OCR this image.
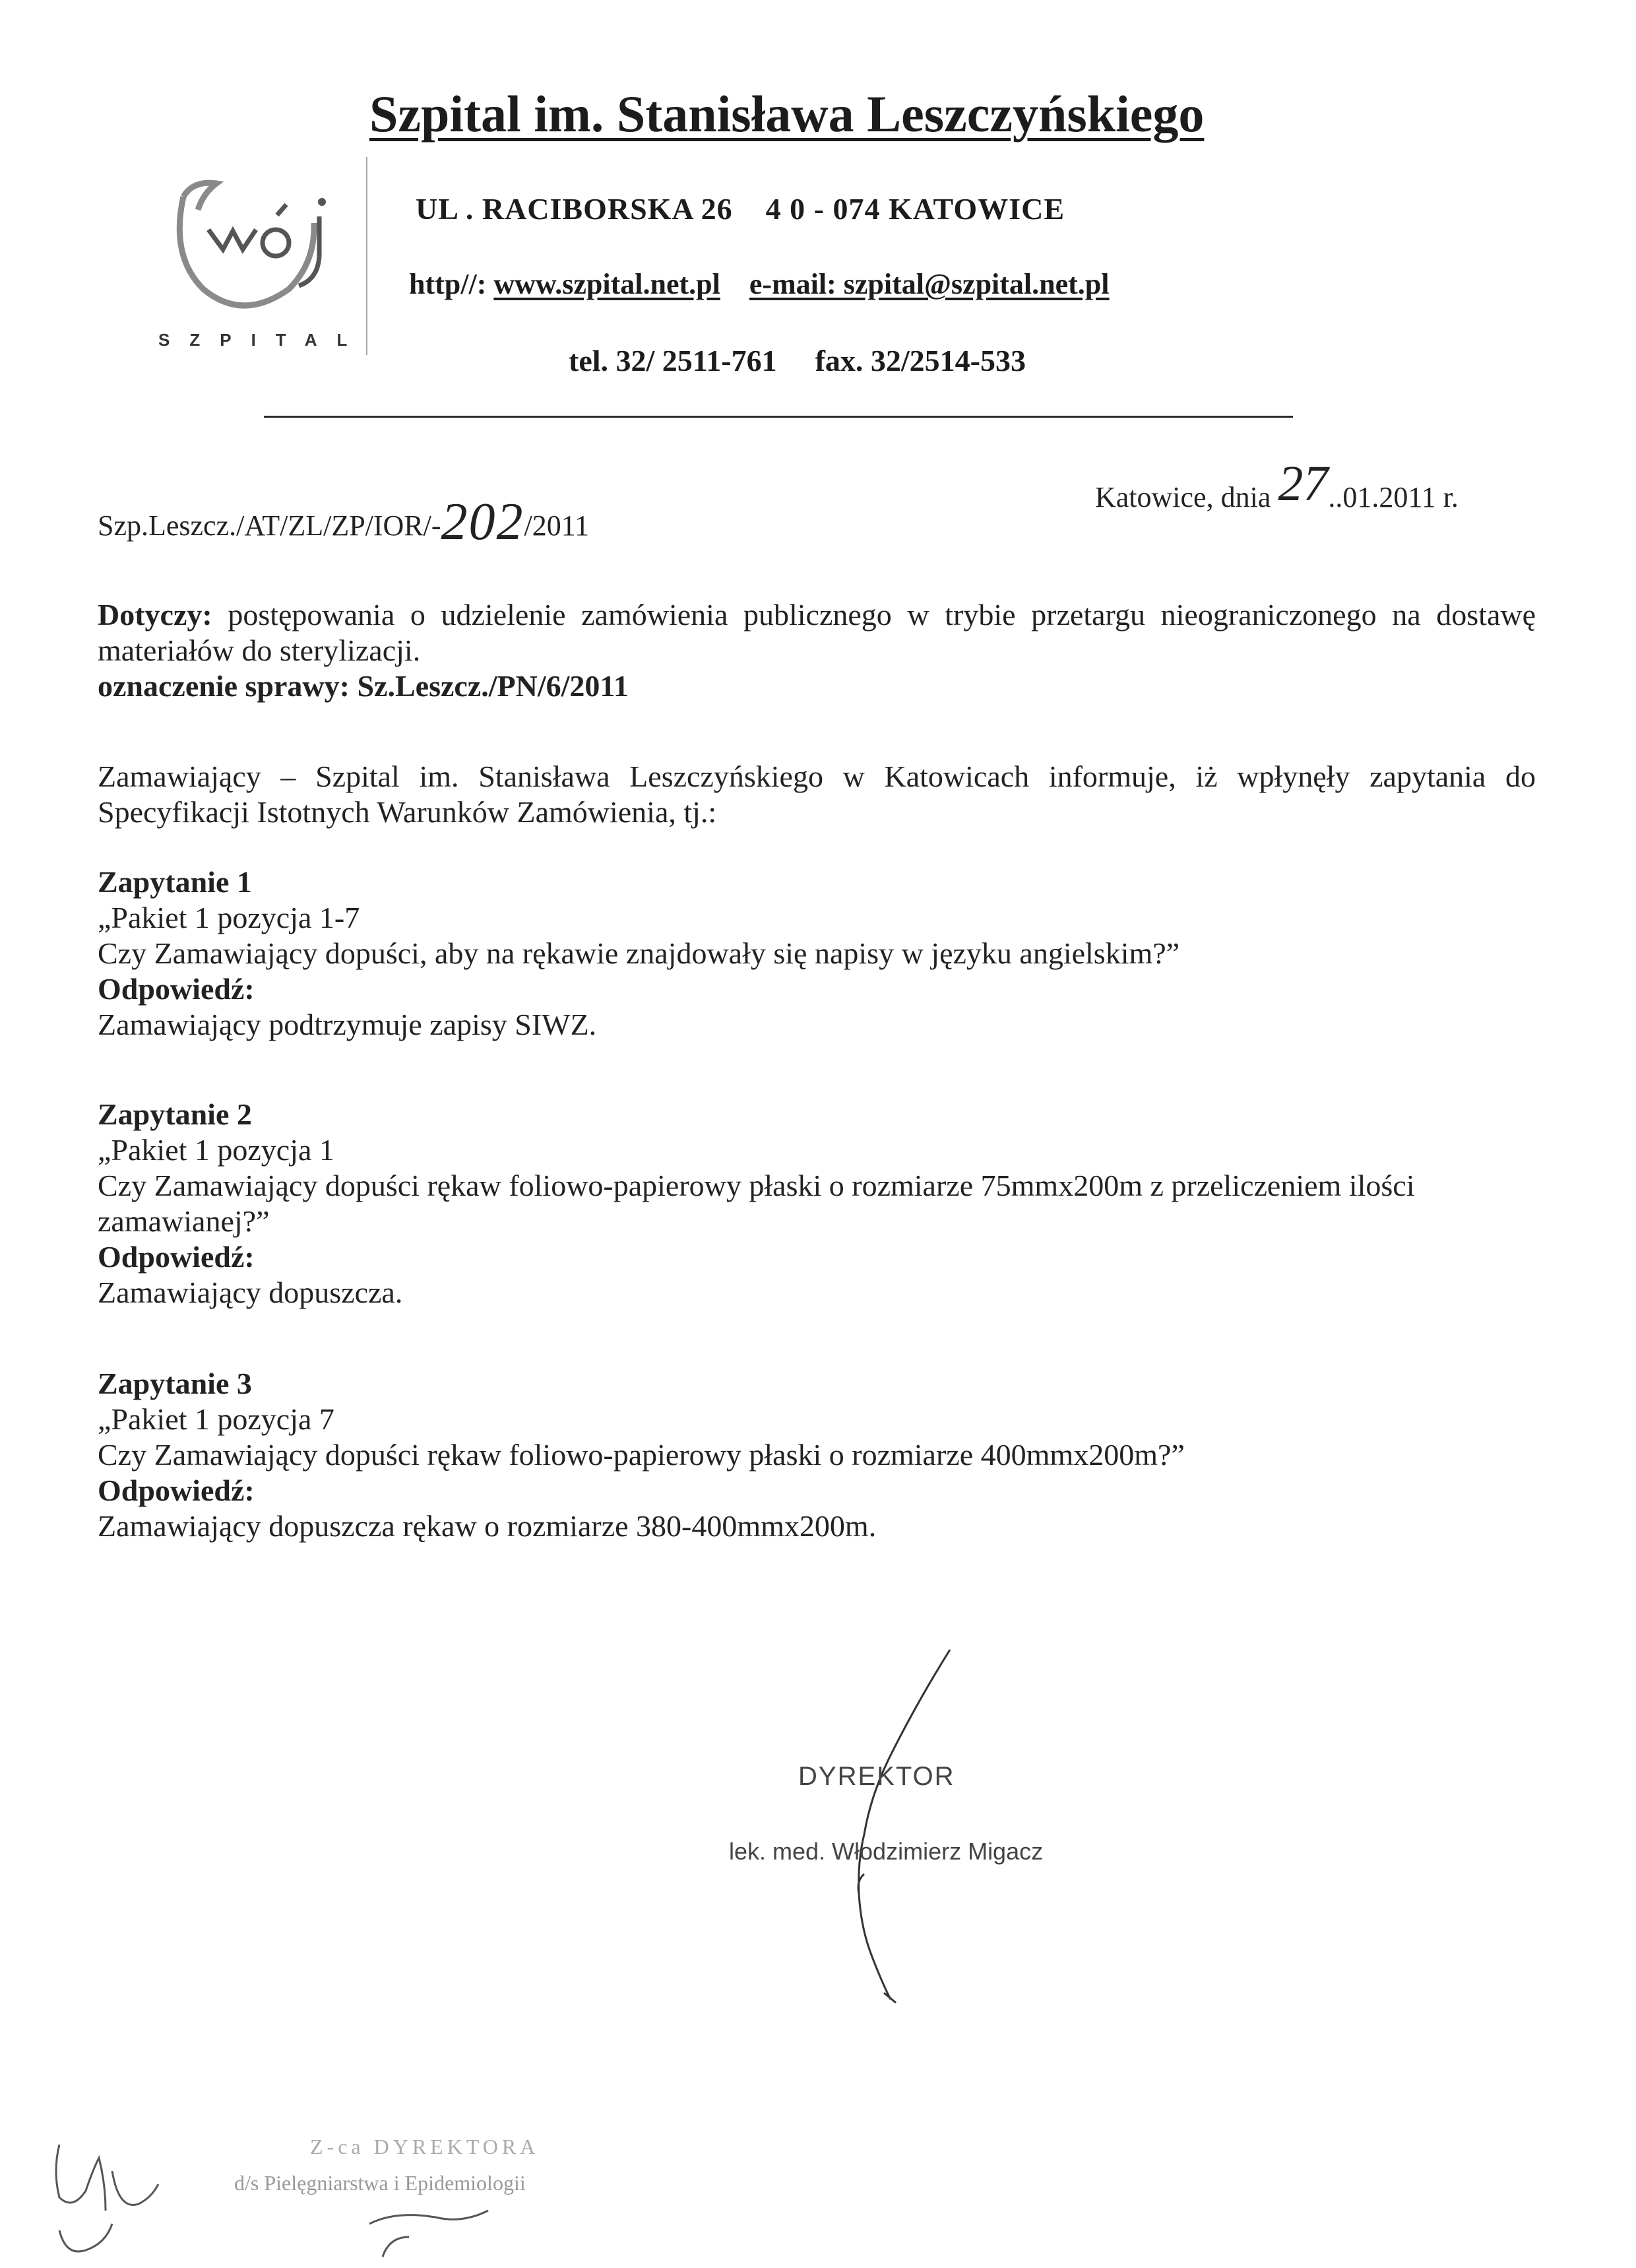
SZPITAL
Szpital im. Stanisława Leszczyńskiego
UL . RACIBORSKA 26 4 0 - 074 KATOWICE
http//: www.szpital.net.pl e-mail: szpital@szpital.net.pl
tel. 32/ 2511-761 fax. 32/2514-533
Szp.Leszcz./AT/ZL/ZP/IOR/-202/2011
Katowice, dnia 27..01.2011 r.

Dotyczy: postępowania o udzielenie zamówienia publicznego w trybie przetargu nieograniczonego na dostawę materiałów do sterylizacji.

oznaczenie sprawy: Sz.Leszcz./PN/6/2011

Zamawiający – Szpital im. Stanisława Leszczyńskiego w Katowicach informuje, iż wpłynęły zapytania do Specyfikacji Istotnych Warunków Zamówienia, tj.:

Zapytanie 1

„Pakiet 1 pozycja 1-7

Czy Zamawiający dopuści, aby na rękawie znajdowały się napisy w języku angielskim?”

Odpowiedź:

Zamawiający podtrzymuje zapisy SIWZ.

Zapytanie 2

„Pakiet 1 pozycja 1

Czy Zamawiający dopuści rękaw foliowo-papierowy płaski o rozmiarze 75mmx200m z przeliczeniem ilości zamawianej?”

Odpowiedź:

Zamawiający dopuszcza.

Zapytanie 3

„Pakiet 1 pozycja 7

Czy Zamawiający dopuści rękaw foliowo-papierowy płaski o rozmiarze 400mmx200m?”

Odpowiedź:

Zamawiający dopuszcza rękaw o rozmiarze 380-400mmx200m.

DYREKTOR
lek. med. Włodzimierz Migacz
Z-ca DYREKTORA
d/s Pielęgniarstwa i Epidemiologii
